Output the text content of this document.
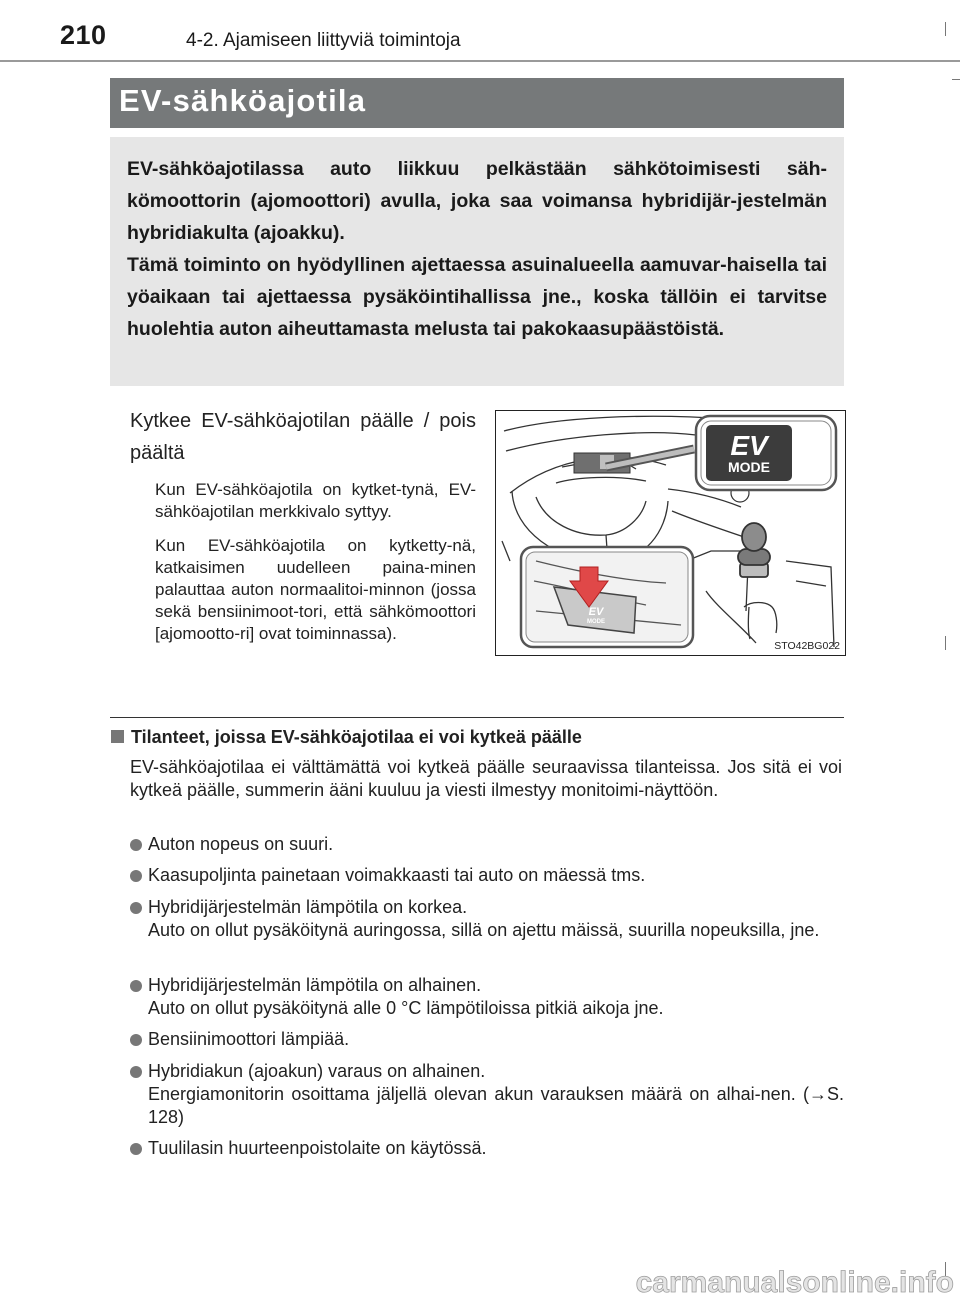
210	4-2. Ajamiseen liittyviä toimintoja
EV-sähköajotila

EV-sähköajotilassa auto liikkuu pelkästään sähkötoimisesti säh-kömoottorin (ajomoottori) avulla, joka saa voimansa hybridijär-jestelmän hybridiakulta (ajoakku).

Tämä toiminto on hyödyllinen ajettaessa asuinalueella aamuvar-haisella tai yöaikaan tai ajettaessa pysäköintihallissa jne., koska tällöin ei tarvitse huolehtia auton aiheuttamasta melusta tai pakokaasupäästöistä.

Kytkee EV-sähköajotilan päälle / pois päältä

Kun EV-sähköajotila on kytket-tynä, EV-sähköajotilan merkkivalo syttyy.

Kun EV-sähköajotila on kytketty-nä, katkaisimen uudelleen paina-minen palauttaa auton normaalitoi-minnon (jossa sekä bensiinimoot-tori, että sähkömoottori [ajomootto-ri] ovat toiminnassa).

EV
MODE
EV
MODE
STO42BG022
Tilanteet, joissa EV-sähköajotilaa ei voi kytkeä päälle

EV-sähköajotilaa ei välttämättä voi kytkeä päälle seuraavissa tilanteissa. Jos sitä ei voi kytkeä päälle, summerin ääni kuuluu ja viesti ilmestyy monitoimi-näyttöön.

Auton nopeus on suuri.

Kaasupoljinta painetaan voimakkaasti tai auto on mäessä tms.

Hybridijärjestelmän lämpötila on korkea.

Auto on ollut pysäköitynä auringossa, sillä on ajettu mäissä, suurilla nopeuksilla, jne.

Hybridijärjestelmän lämpötila on alhainen.

Auto on ollut pysäköitynä alle 0 °C lämpötiloissa pitkiä aikoja jne.

Bensiinimoottori lämpiää.

Hybridiakun (ajoakun) varaus on alhainen.

Energiamonitorin osoittama jäljellä olevan akun varauksen määrä on alhai-nen. (→S. 128)

Tuulilasin huurteenpoistolaite on käytössä.

carmanualsonline.info
